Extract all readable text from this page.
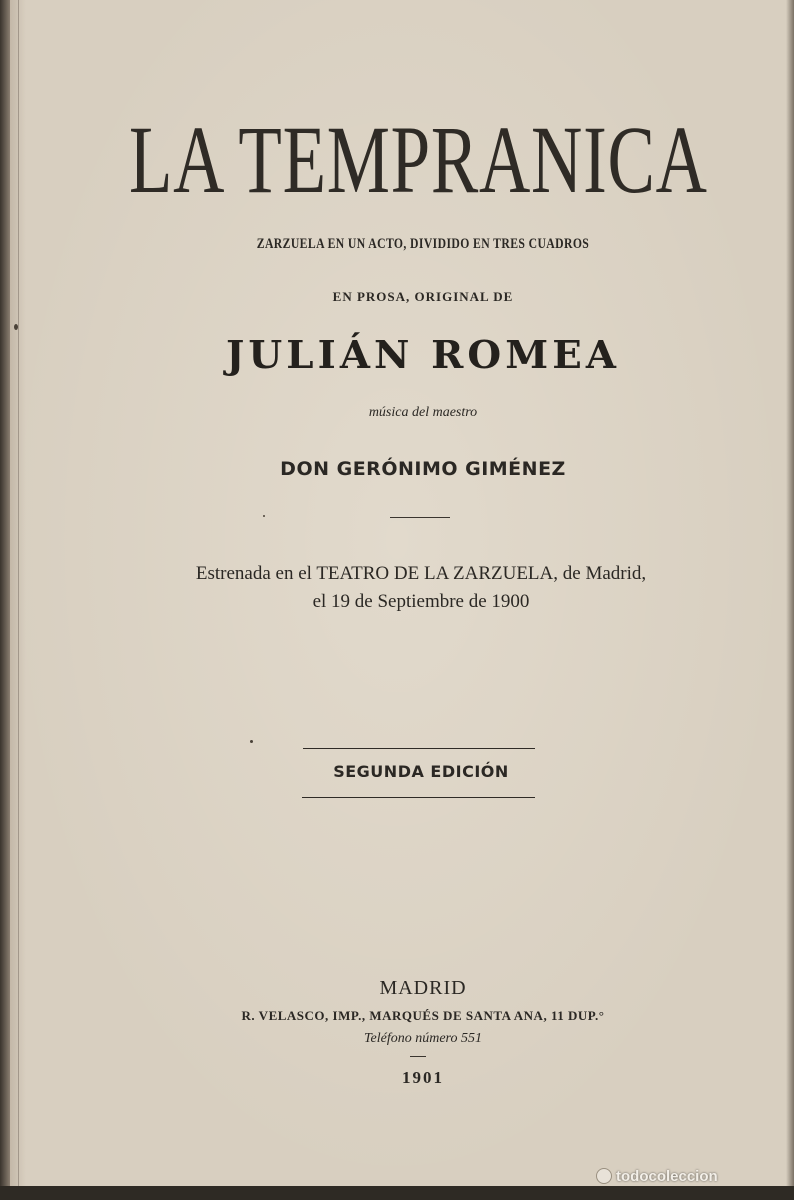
LA TEMPRANICA
ZARZUELA EN UN ACTO, DIVIDIDO EN TRES CUADROS
EN PROSA, ORIGINAL DE
JULIÁN ROMEA
música del maestro
DON GERÓNIMO GIMÉNEZ
Estrenada en el TEATRO DE LA ZARZUELA, de Madrid,
el 19 de Septiembre de 1900
SEGUNDA EDICIÓN
MADRID
R. VELASCO, IMP., MARQUÉS DE SANTA ANA, 11 DUP.°
Teléfono número 551
1901
todocoleccion
